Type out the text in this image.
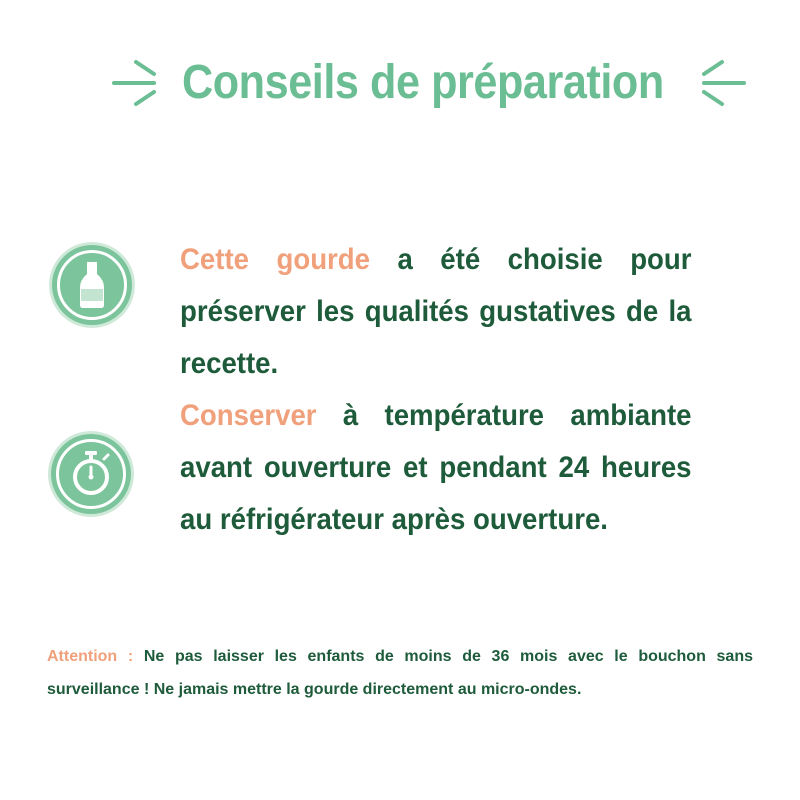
Conseils de préparation
Cette gourde a été choisie pour préserver les qualités gustatives de la recette.
Conserver à température ambiante avant ouverture et pendant 24 heures au réfrigérateur après ouverture.
Attention : Ne pas laisser les enfants de moins de 36 mois avec le bouchon sans surveillance ! Ne jamais mettre la gourde directement au micro-ondes.
